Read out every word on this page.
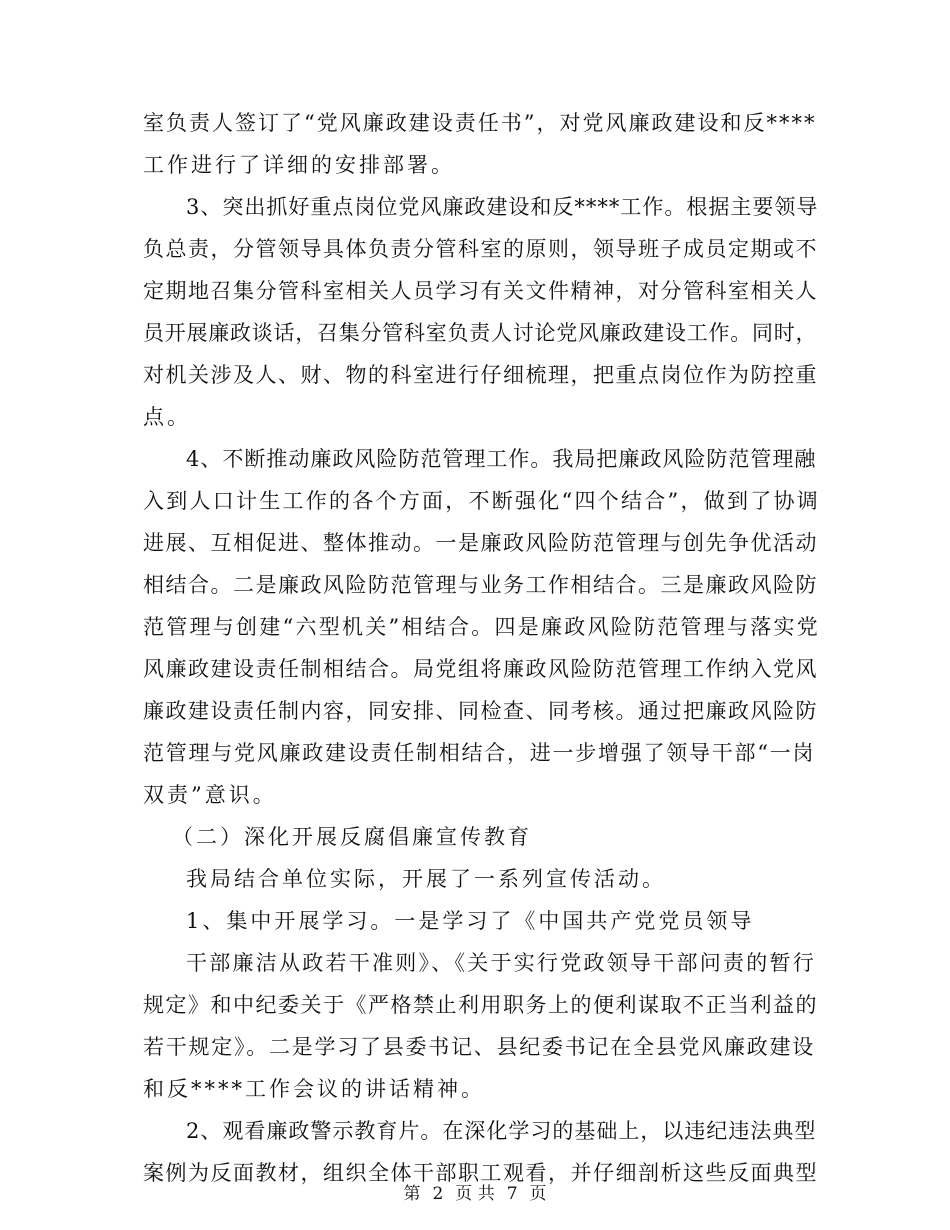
室负责人签订了“党风廉政建设责任书”，对党风廉政建设和反****
工作进行了详细的安排部署。
3、突出抓好重点岗位党风廉政建设和反****工作。根据主要领导
负总责，分管领导具体负责分管科室的原则，领导班子成员定期或不
定期地召集分管科室相关人员学习有关文件精神，对分管科室相关人
员开展廉政谈话，召集分管科室负责人讨论党风廉政建设工作。同时，
对机关涉及人、财、物的科室进行仔细梳理，把重点岗位作为防控重
点。
4、不断推动廉政风险防范管理工作。我局把廉政风险防范管理融
入到人口计生工作的各个方面，不断强化“四个结合”，做到了协调
进展、互相促进、整体推动。一是廉政风险防范管理与创先争优活动
相结合。二是廉政风险防范管理与业务工作相结合。三是廉政风险防
范管理与创建“六型机关”相结合。四是廉政风险防范管理与落实党
风廉政建设责任制相结合。局党组将廉政风险防范管理工作纳入党风
廉政建设责任制内容，同安排、同检查、同考核。通过把廉政风险防
范管理与党风廉政建设责任制相结合，进一步增强了领导干部“一岗
双责”意识。
（二）深化开展反腐倡廉宣传教育
我局结合单位实际，开展了一系列宣传活动。
1、集中开展学习。一是学习了《中国共产党党员领导
干部廉洁从政若干准则》、《关于实行党政领导干部问责的暂行
规定》和中纪委关于《严格禁止利用职务上的便利谋取不正当利益的
若干规定》。二是学习了县委书记、县纪委书记在全县党风廉政建设
和反****工作会议的讲话精神。
2、观看廉政警示教育片。在深化学习的基础上，以违纪违法典型
案例为反面教材，组织全体干部职工观看，并仔细剖析这些反面典型
第 2 页 共 7 页
